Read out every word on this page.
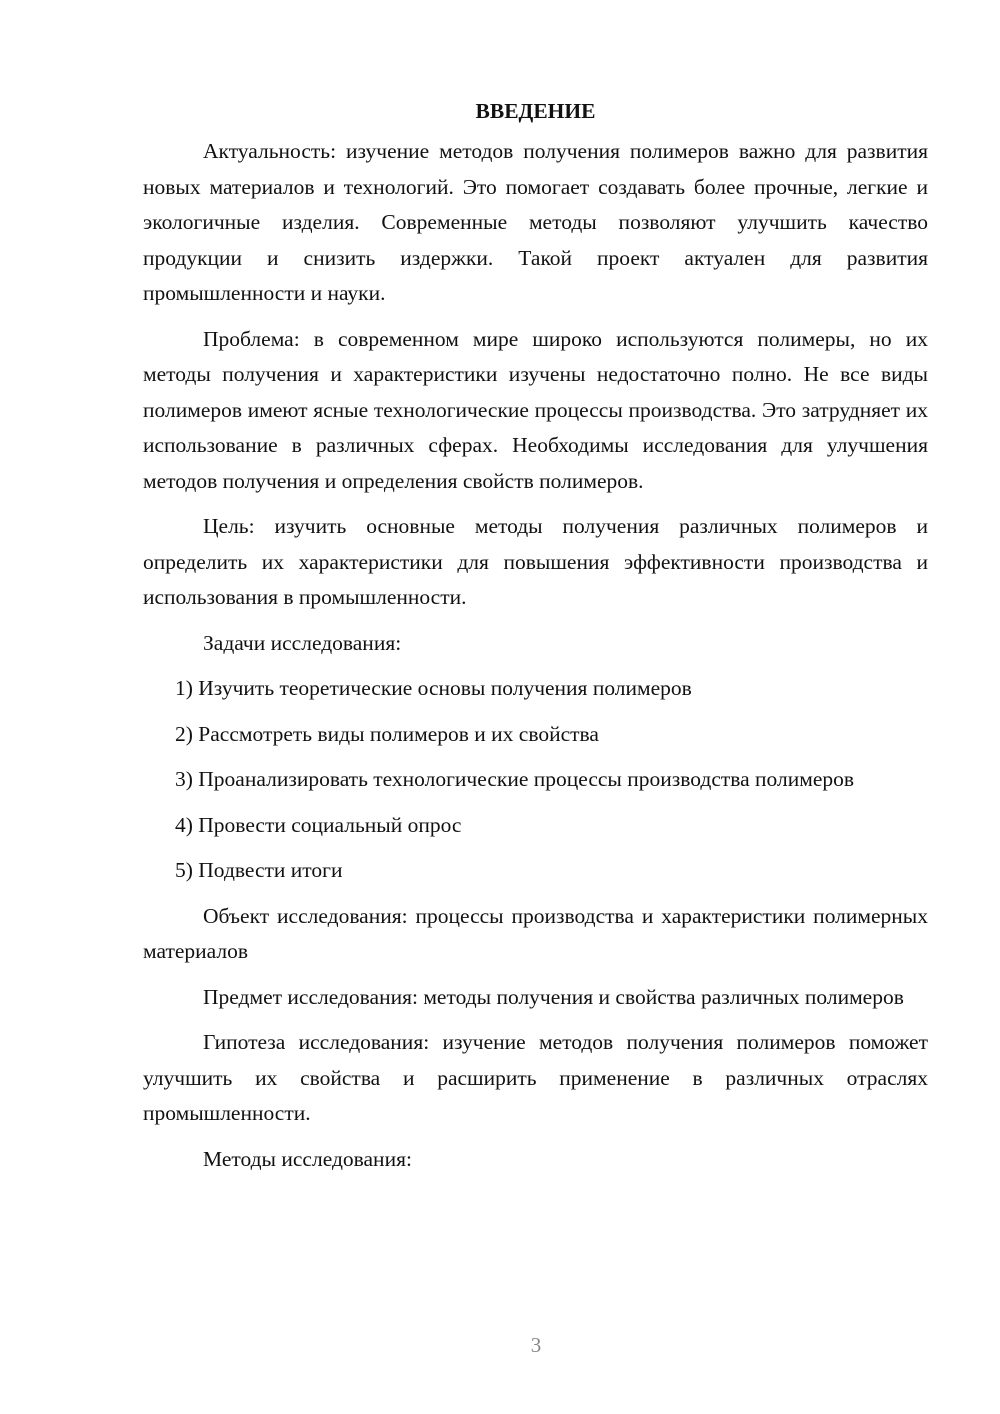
ВВЕДЕНИЕ

Актуальность: изучение методов получения полимеров важно для развития новых материалов и технологий. Это помогает создавать более прочные, легкие и экологичные изделия. Современные методы позволяют улучшить качество продукции и снизить издержки. Такой проект актуален для развития промышленности и науки.

Проблема: в современном мире широко используются полимеры, но их методы получения и характеристики изучены недостаточно полно. Не все виды полимеров имеют ясные технологические процессы производства. Это затрудняет их использование в различных сферах. Необходимы исследования для улучшения методов получения и определения свойств полимеров.

Цель: изучить основные методы получения различных полимеров и определить их характеристики для повышения эффективности производства и использования в промышленности.

Задачи исследования:

1) Изучить теоретические основы получения полимеров

2) Рассмотреть виды полимеров и их свойства

3) Проанализировать технологические процессы производства полимеров

4) Провести социальный опрос

5) Подвести итоги

Объект исследования: процессы производства и характеристики полимерных материалов

Предмет исследования: методы получения и свойства различных полимеров

Гипотеза исследования: изучение методов получения полимеров поможет улучшить их свойства и расширить применение в различных отраслях промышленности.

Методы исследования:

3
